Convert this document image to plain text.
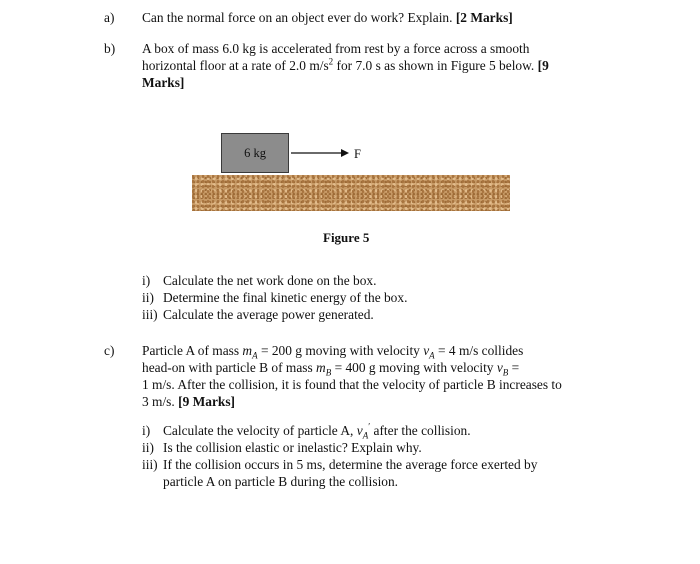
a) Can the normal force on an object ever do work? Explain. [2 Marks]
b) A box of mass 6.0 kg is accelerated from rest by a force across a smooth
horizontal floor at a rate of 2.0 $m/s^2$ for 7.0 s as shown in Figure 5 below. [9
Marks]
6 kg	F
Figure 5
i) Calculate the net work done on the box.
ii) Determine the final kinetic energy of the box.
iii) Calculate the average power generated.
c) Particle A of mass $m_A = 200$ g moving with velocity $v_A = 4$ m/s collides
head-on with particle B of mass $m_B = 400$ g moving with velocity $v_B$ =
1 m/s. After the collision, it is found that the velocity of particle B increases to
3 m/s. [9 Marks]
i) Calculate the velocity of particle A, $v_A'$ after the collision.
ii) Is the collision elastic or inelastic? Explain why.
iii) If the collision occurs in 5 ms, determine the average force exerted by
particle A on particle B during the collision.
